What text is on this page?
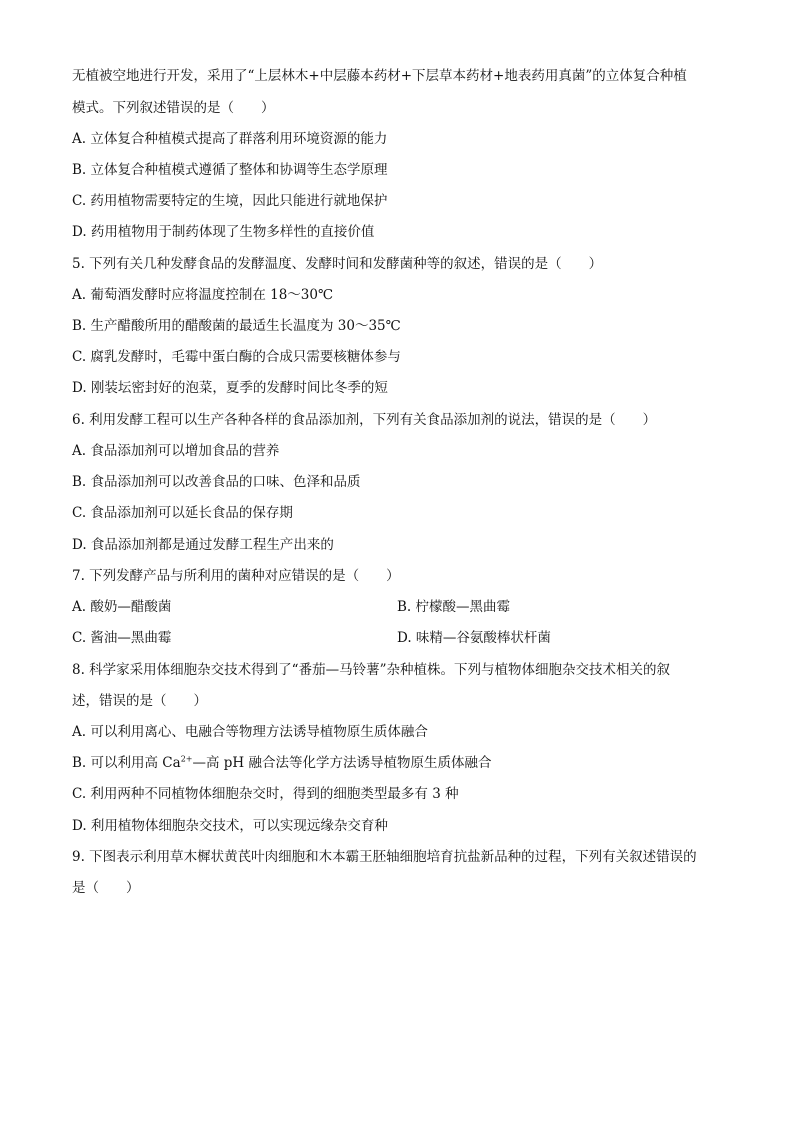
无植被空地进行开发，采用了“上层林木+中层藤本药材+下层草本药材+地表药用真菌”的立体复合种植
模式。下列叙述错误的是（　　）
A. 立体复合种植模式提高了群落利用环境资源的能力
B. 立体复合种植模式遵循了整体和协调等生态学原理
C. 药用植物需要特定的生境，因此只能进行就地保护
D. 药用植物用于制药体现了生物多样性的直接价值
5. 下列有关几种发酵食品的发酵温度、发酵时间和发酵菌种等的叙述，错误的是（　　）
A. 葡萄酒发酵时应将温度控制在 18～30℃
B. 生产醋酸所用的醋酸菌的最适生长温度为 30～35℃
C. 腐乳发酵时，毛霉中蛋白酶的合成只需要核糖体参与
D. 刚装坛密封好的泡菜，夏季的发酵时间比冬季的短
6. 利用发酵工程可以生产各种各样的食品添加剂，下列有关食品添加剂的说法，错误的是（　　）
A. 食品添加剂可以增加食品的营养
B. 食品添加剂可以改善食品的口味、色泽和品质
C. 食品添加剂可以延长食品的保存期
D. 食品添加剂都是通过发酵工程生产出来的
7. 下列发酵产品与所利用的菌种对应错误的是（　　）
A. 酸奶—醋酸菌	B. 柠檬酸—黑曲霉
C. 酱油—黑曲霉	D. 味精—谷氨酸棒状杆菌
8. 科学家采用体细胞杂交技术得到了“番茄—马铃薯”杂种植株。下列与植物体细胞杂交技术相关的叙
述，错误的是（　　）
A. 可以利用离心、电融合等物理方法诱导植物原生质体融合
B. 可以利用高 $Ca^{2+}—$高 pH 融合法等化学方法诱导植物原生质体融合
C. 利用两种不同植物体细胞杂交时，得到的细胞类型最多有 3 种
D. 利用植物体细胞杂交技术，可以实现远缘杂交育种
9. 下图表示利用草木樨状黄芪叶肉细胞和木本霸王胚轴细胞培育抗盐新品种的过程，下列有关叙述错误的
是（　　）
